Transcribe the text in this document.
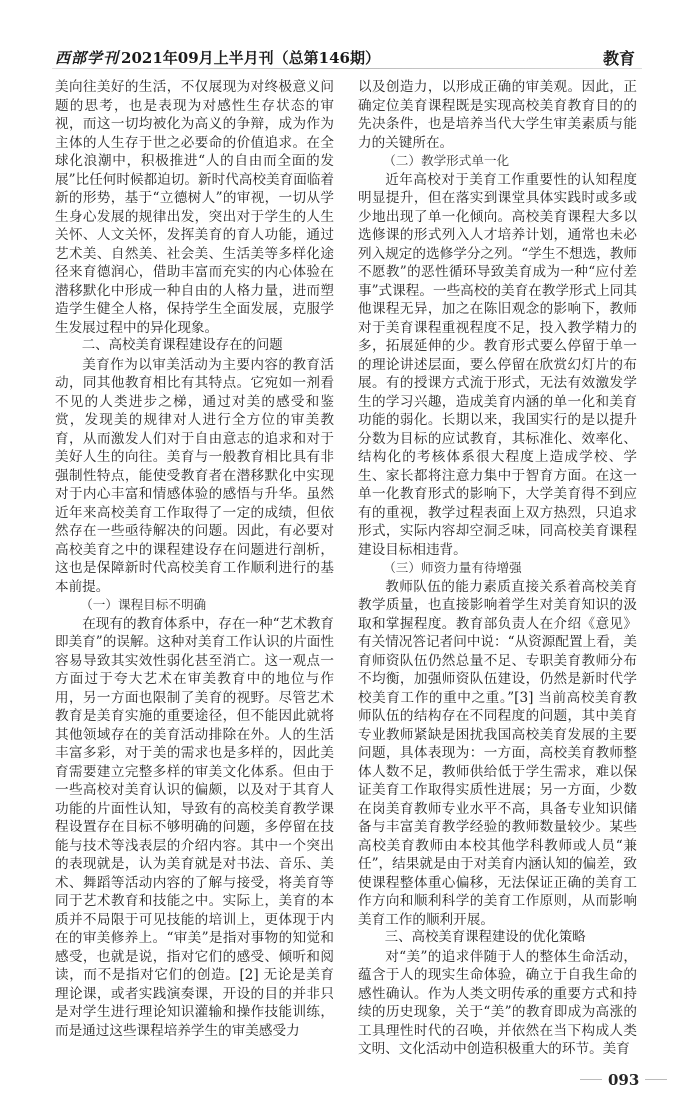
西部学刊 2021年09月上半月刊（总第146期）	教育

美向往美好的生活，不仅展现为对终极意义问题的思考，也是表现为对感性生存状态的审视，而这一切均被化为高义的争辩，成为作为主体的人生存于世之必要命的价值追求。在全球化浪潮中，积极推进“人的自由而全面的发展”比任何时候都迫切。新时代高校美育面临着新的形势，基于“立德树人”的审视，一切从学生身心发展的规律出发，突出对于学生的人生关怀、人文关怀，发挥美育的育人功能，通过艺术美、自然美、社会美、生活美等多样化途径来育德润心，借助丰富而充实的内心体验在潜移默化中形成一种自由的人格力量，进而塑造学生健全人格，保持学生全面发展，克服学生发展过程中的异化现象。

二、高校美育课程建设存在的问题

美育作为以审美活动为主要内容的教育活动，同其他教育相比有其特点。它宛如一剂看不见的人类进步之梯，通过对美的感受和鉴赏，发现美的规律对人进行全方位的审美教育，从而激发人们对于自由意志的追求和对于美好人生的向往。美育与一般教育相比具有非强制性特点，能使受教育者在潜移默化中实现对于内心丰富和情感体验的感悟与升华。虽然近年来高校美育工作取得了一定的成绩，但依然存在一些亟待解决的问题。因此，有必要对高校美育之中的课程建设存在问题进行剖析，这也是保障新时代高校美育工作顺利进行的基本前提。

（一）课程目标不明确

在现有的教育体系中，存在一种“艺术教育即美育”的误解。这种对美育工作认识的片面性容易导致其实效性弱化甚至消亡。这一观点一方面过于夸大艺术在审美教育中的地位与作用，另一方面也限制了美育的视野。尽管艺术教育是美育实施的重要途径，但不能因此就将其他领域存在的美育活动排除在外。人的生活丰富多彩，对于美的需求也是多样的，因此美育需要建立完整多样的审美文化体系。但由于一些高校对美育认识的偏颇，以及对于其育人功能的片面性认知，导致有的高校美育教学课程设置存在目标不够明确的问题，多停留在技能与技术等浅表层的介绍内容。其中一个突出的表现就是，认为美育就是对书法、音乐、美术、舞蹈等活动内容的了解与接受，将美育等同于艺术教育和技能之中。实际上，美育的本质并不局限于可见技能的培训上，更体现于内在的审美修养上。“审美”是指对事物的知觉和感受，也就是说，指对它们的感受、倾听和阅读，而不是指对它们的创造。[2] 无论是美育理论课，或者实践演奏课，开设的目的并非只是对学生进行理论知识灌输和操作技能训练，而是通过这些课程培养学生的审美感受力

以及创造力，以形成正确的审美观。因此，正确定位美育课程既是实现高校美育教育目的的先决条件，也是培养当代大学生审美素质与能力的关键所在。

（二）教学形式单一化

近年高校对于美育工作重要性的认知程度明显提升，但在落实到课堂具体实践时或多或少地出现了单一化倾向。高校美育课程大多以选修课的形式列入人才培养计划，通常也未必列入规定的选修学分之列。“学生不想选，教师不愿教”的恶性循环导致美育成为一种“应付差事”式课程。一些高校的美育在教学形式上同其他课程无异，加之在陈旧观念的影响下，教师对于美育课程重视程度不足，投入教学精力的多，拓展延伸的少。教育形式要么停留于单一的理论讲述层面，要么停留在欣赏幻灯片的布展。有的授课方式流于形式，无法有效激发学生的学习兴趣，造成美育内涵的单一化和美育功能的弱化。长期以来，我国实行的是以提升分数为目标的应试教育，其标准化、效率化、结构化的考核体系很大程度上造成学校、学生、家长都将注意力集中于智育方面。在这一单一化教育形式的影响下，大学美育得不到应有的重视，教学过程表面上双方热烈，只追求形式，实际内容却空洞乏味，同高校美育课程建设目标相违背。

（三）师资力量有待增强

教师队伍的能力素质直接关系着高校美育教学质量，也直接影响着学生对美育知识的汲取和掌握程度。教育部负责人在介绍《意见》有关情况答记者问中说：“从资源配置上看，美育师资队伍仍然总量不足、专职美育教师分布不均衡，加强师资队伍建设，仍然是新时代学校美育工作的重中之重。”[3] 当前高校美育教师队伍的结构存在不同程度的问题，其中美育专业教师紧缺是困扰我国高校美育发展的主要问题，具体表现为：一方面，高校美育教师整体人数不足，教师供给低于学生需求，难以保证美育工作取得实质性进展；另一方面，少数在岗美育教师专业水平不高，具备专业知识储备与丰富美育教学经验的教师数量较少。某些高校美育教师由本校其他学科教师或人员“兼任”，结果就是由于对美育内涵认知的偏差，致使课程整体重心偏移，无法保证正确的美育工作方向和顺利科学的美育工作原则，从而影响美育工作的顺利开展。

三、高校美育课程建设的优化策略

对“美”的追求伴随于人的整体生命活动，蕴含于人的现实生命体验，确立于自我生命的感性确认。作为人类文明传承的重要方式和持续的历史现象，关于“美”的教育即成为高涨的工具理性时代的召唤，并依然在当下构成人类文明、文化活动中创造积极重大的环节。美育

093
